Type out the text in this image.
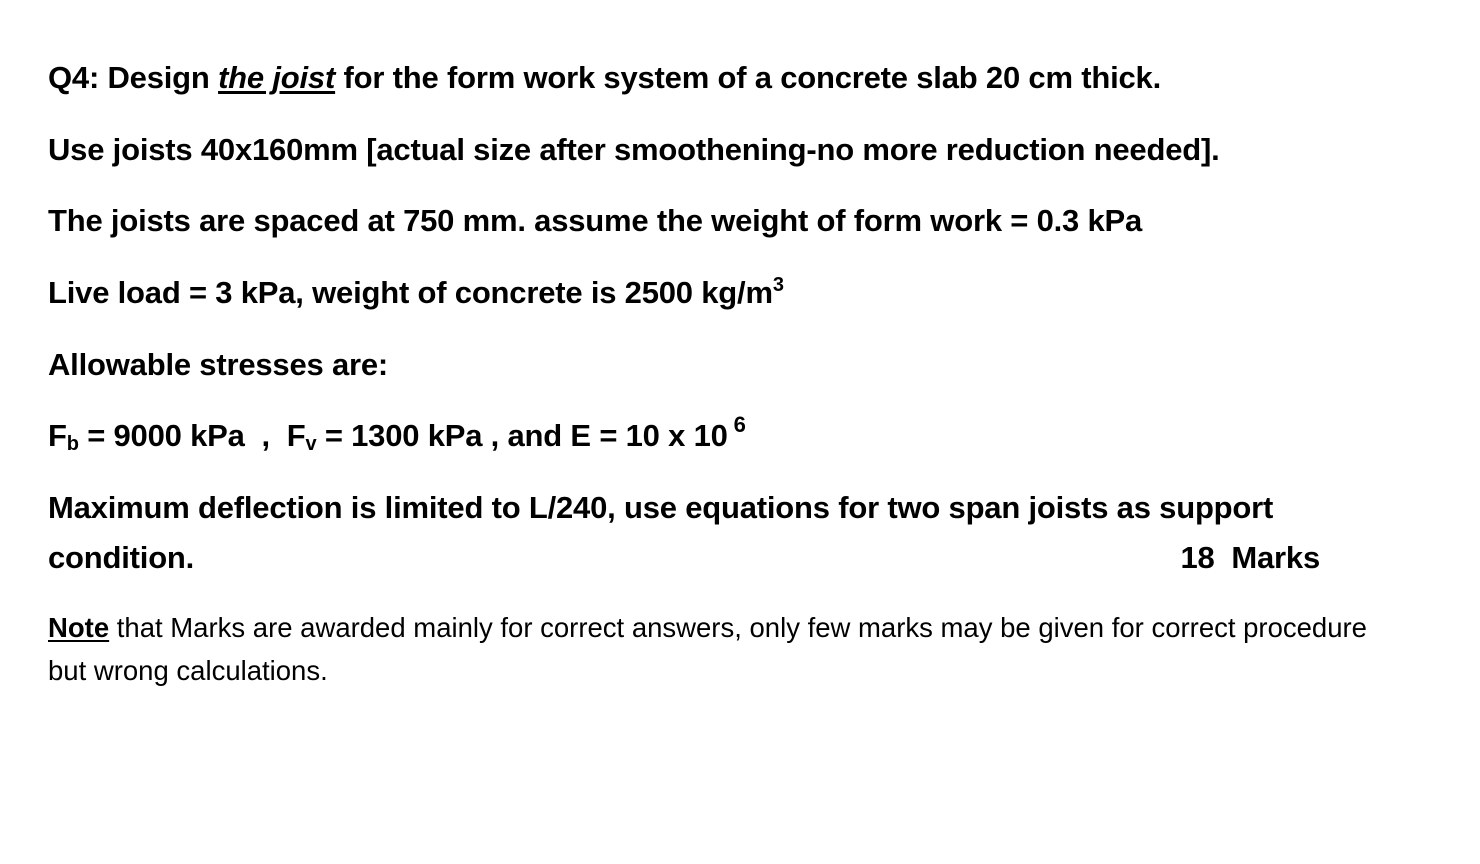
Q4: Design the joist for the form work system of a concrete slab 20 cm thick.
Use joists 40x160mm [actual size after smoothening-no more reduction needed].
The joists are spaced at 750 mm. assume the weight of form work = 0.3 kPa
Live load = 3 kPa, weight of concrete is 2500 $kg/m^3$
Allowable stresses are:
$F_b = 9000$ kPa  ,  $F_v = 1300$ kPa , and E = 10 x 10 $^6$
Maximum deflection is limited to L/240, use equations for two span joists as support
condition.	18  Marks
Note that Marks are awarded mainly for correct answers, only few marks may be given for correct procedure but wrong calculations.
